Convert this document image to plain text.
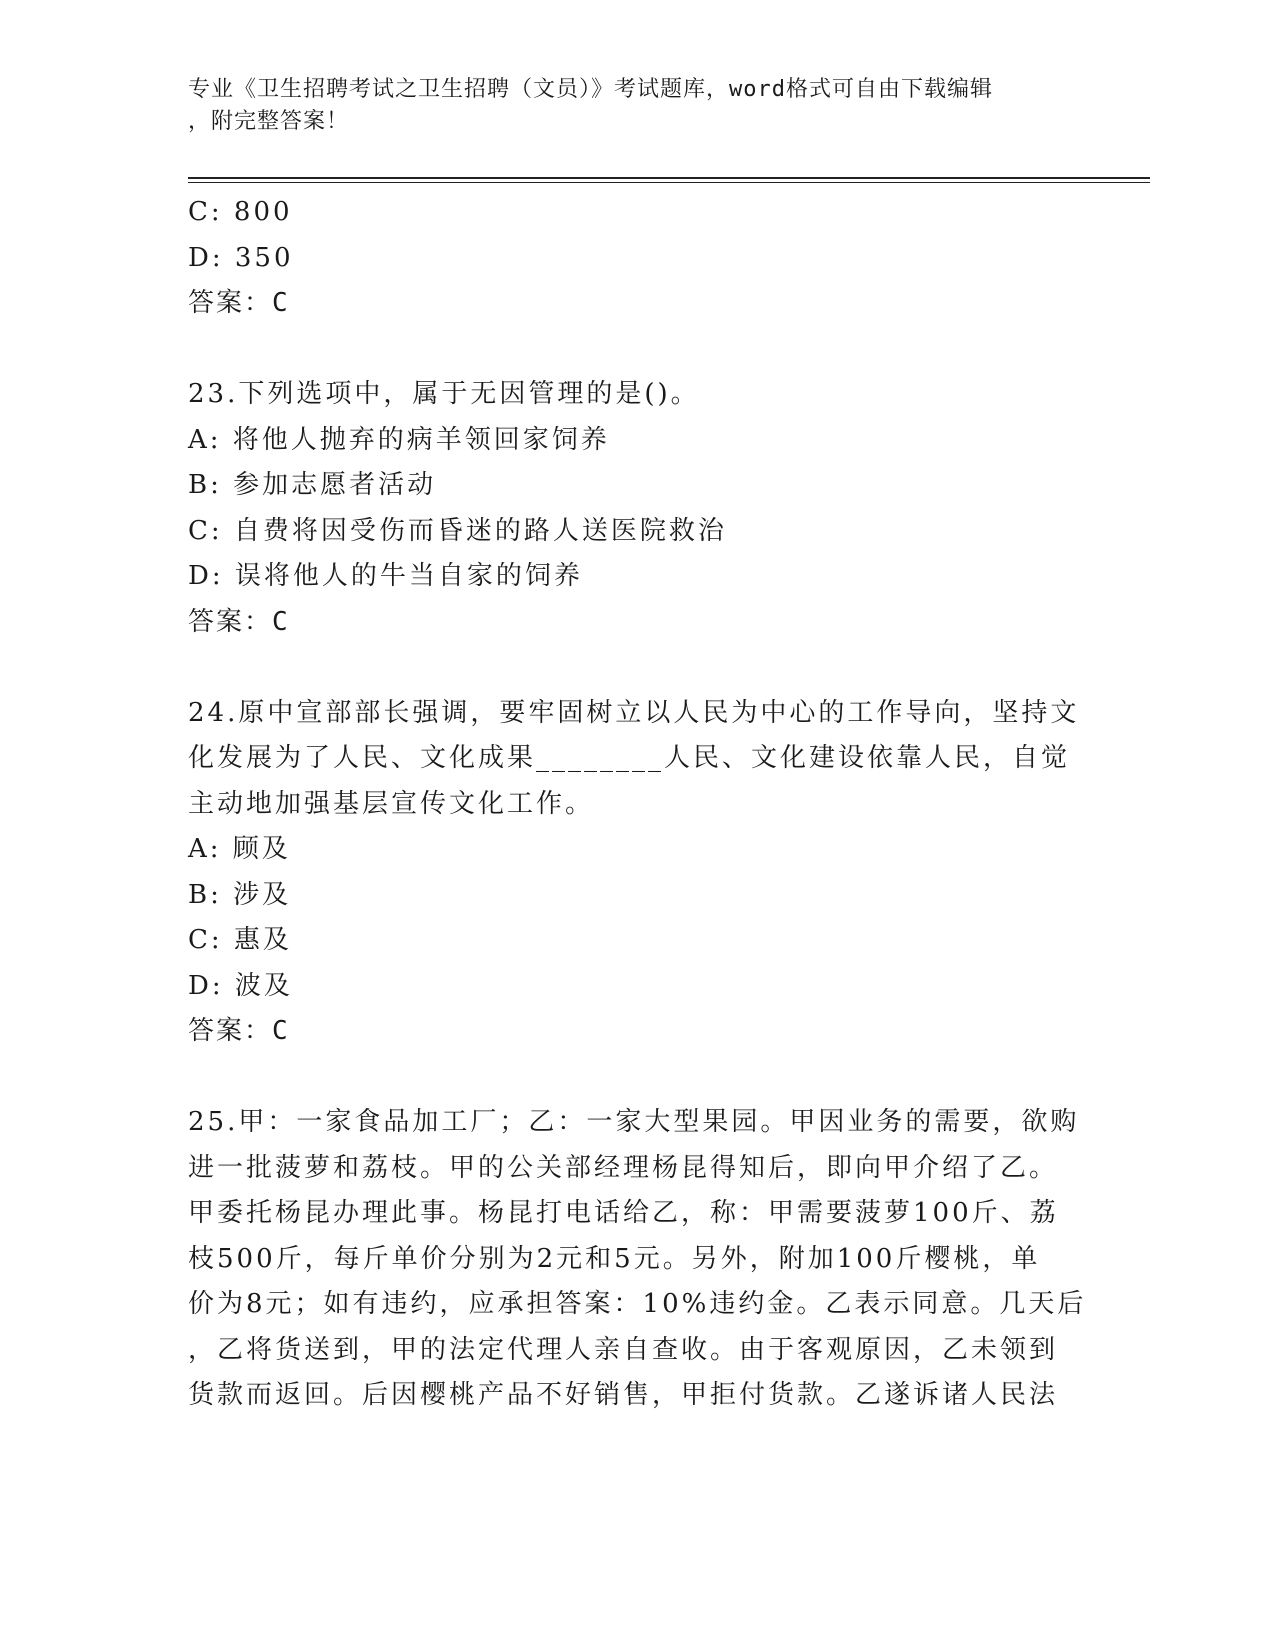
专业《卫生招聘考试之卫生招聘（文员）》考试题库，word格式可自由下载编辑
，附完整答案！
C: 800
D: 350
答案：C
23.下列选项中，属于无因管理的是()。
A: 将他人抛弃的病羊领回家饲养
B: 参加志愿者活动
C: 自费将因受伤而昏迷的路人送医院救治
D: 误将他人的牛当自家的饲养
答案：C
24.原中宣部部长强调，要牢固树立以人民为中心的工作导向，坚持文
化发展为了人民、文化成果________人民、文化建设依靠人民，自觉
主动地加强基层宣传文化工作。
A: 顾及
B: 涉及
C: 惠及
D: 波及
答案：C
25.甲：一家食品加工厂；乙：一家大型果园。甲因业务的需要，欲购
进一批菠萝和荔枝。甲的公关部经理杨昆得知后，即向甲介绍了乙。
甲委托杨昆办理此事。杨昆打电话给乙，称：甲需要菠萝100斤、荔
枝500斤，每斤单价分别为2元和5元。另外，附加100斤樱桃，单
价为8元；如有违约，应承担答案：10%违约金。乙表示同意。几天后
，乙将货送到，甲的法定代理人亲自查收。由于客观原因，乙未领到
货款而返回。后因樱桃产品不好销售，甲拒付货款。乙遂诉诸人民法
